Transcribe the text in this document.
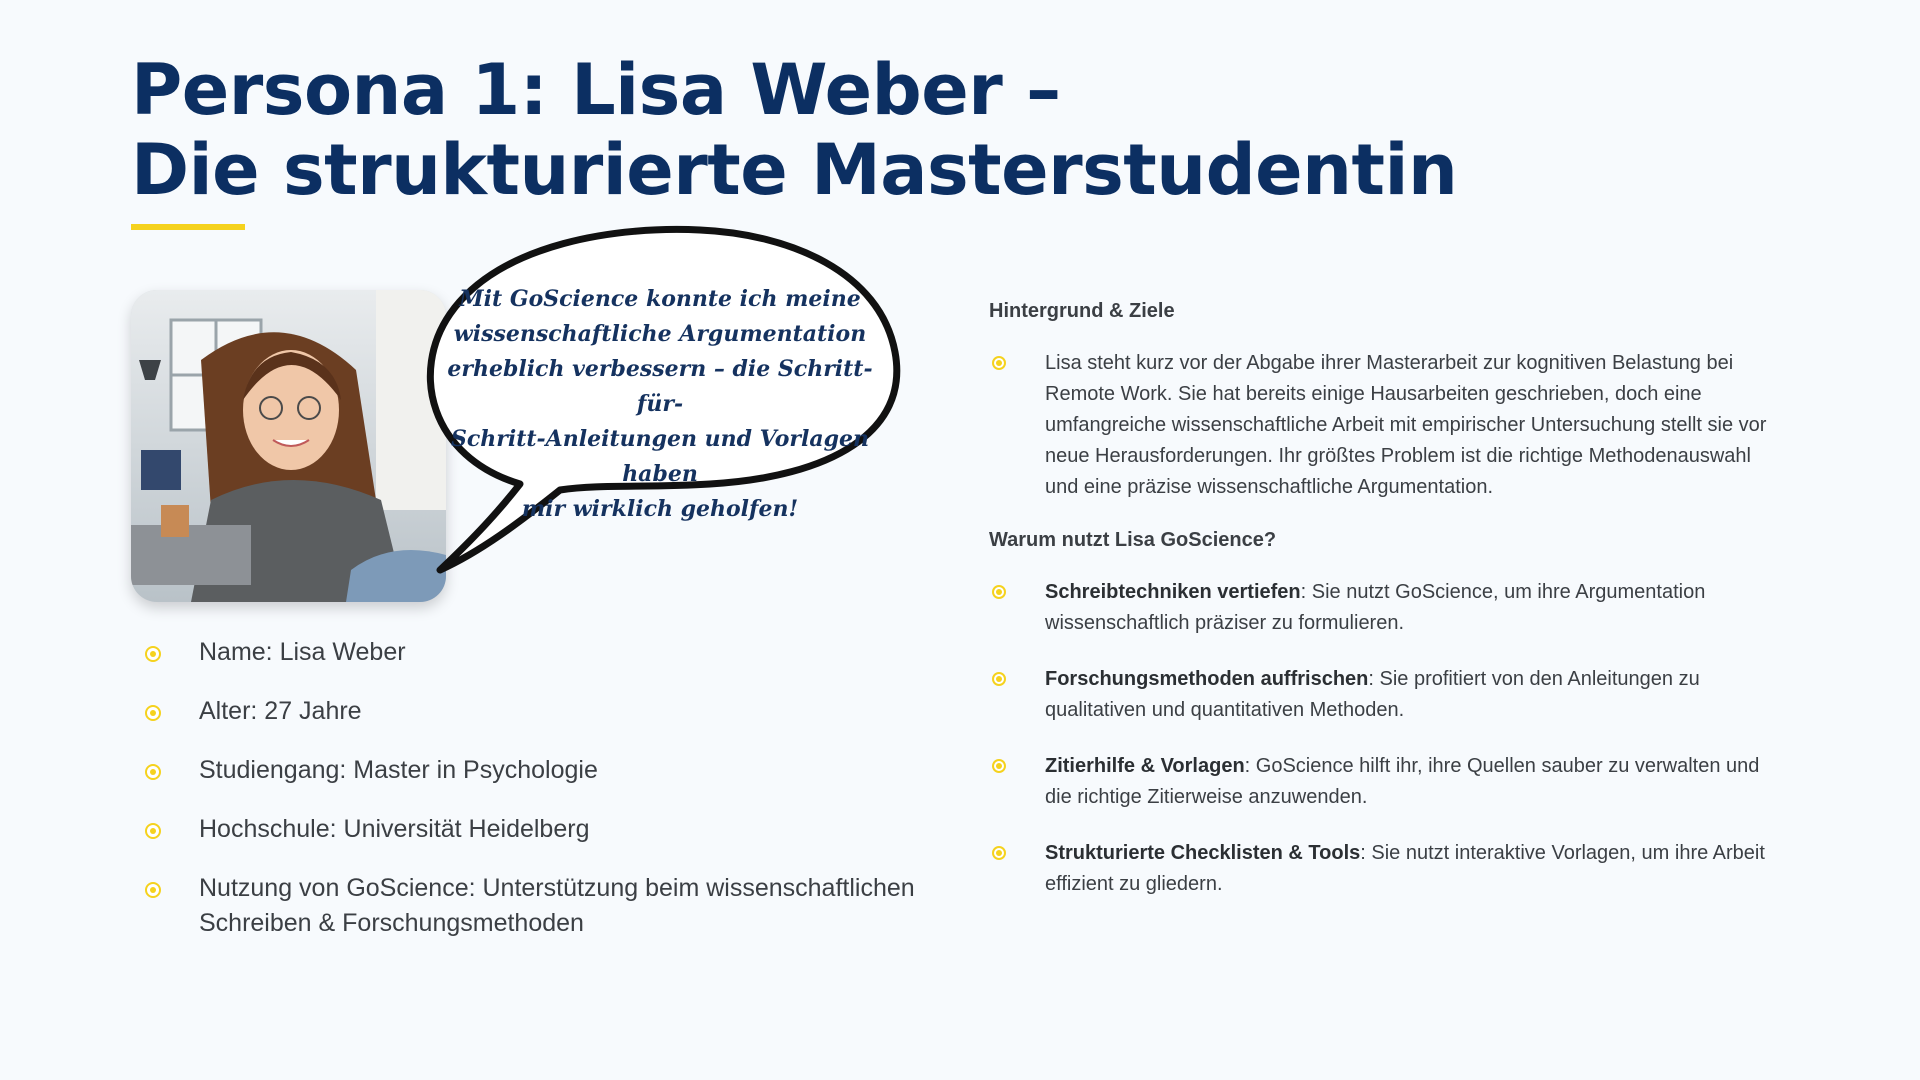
Persona 1: Lisa Weber –
Die strukturierte Masterstudentin
Mit GoScience konnte ich meine
wissenschaftliche Argumentation
erheblich verbessern – die Schritt-für-
Schritt-Anleitungen und Vorlagen haben
mir wirklich geholfen!
Name: Lisa Weber
Alter: 27 Jahre
Studiengang: Master in Psychologie
Hochschule: Universität Heidelberg
Nutzung von GoScience: Unterstützung beim wissenschaftlichen Schreiben & Forschungsmethoden
Hintergrund & Ziele
Lisa steht kurz vor der Abgabe ihrer Masterarbeit zur kognitiven Belastung bei Remote Work. Sie hat bereits einige Hausarbeiten geschrieben, doch eine umfangreiche wissenschaftliche Arbeit mit empirischer Untersuchung stellt sie vor neue Herausforderungen. Ihr größtes Problem ist die richtige Methodenauswahl und eine präzise wissenschaftliche Argumentation.
Warum nutzt Lisa GoScience?
Schreibtechniken vertiefen: Sie nutzt GoScience, um ihre Argumentation wissenschaftlich präziser zu formulieren.
Forschungsmethoden auffrischen: Sie profitiert von den Anleitungen zu qualitativen und quantitativen Methoden.
Zitierhilfe & Vorlagen: GoScience hilft ihr, ihre Quellen sauber zu verwalten und die richtige Zitierweise anzuwenden.
Strukturierte Checklisten & Tools: Sie nutzt interaktive Vorlagen, um ihre Arbeit effizient zu gliedern.
